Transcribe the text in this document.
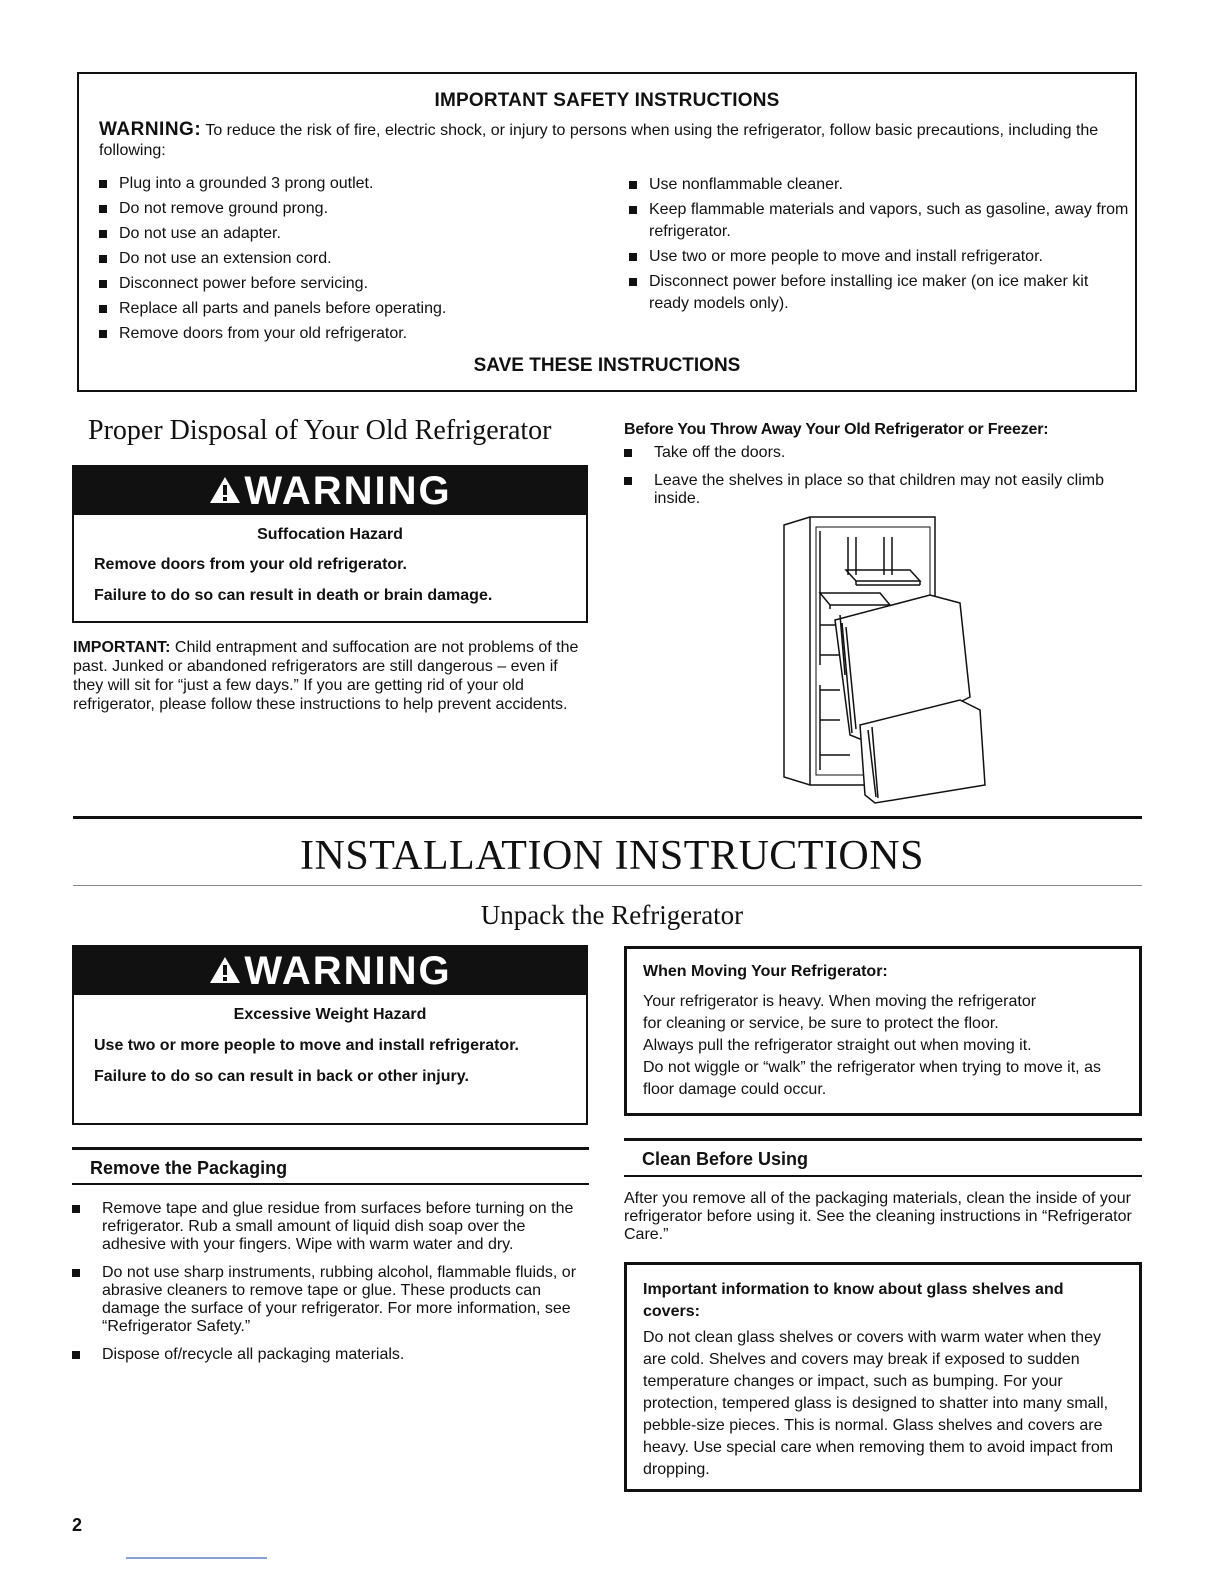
IMPORTANT SAFETY INSTRUCTIONS
WARNING: To reduce the risk of fire, electric shock, or injury to persons when using the refrigerator, follow basic precautions, including the following:
Plug into a grounded 3 prong outlet.
Do not remove ground prong.
Do not use an adapter.
Do not use an extension cord.
Disconnect power before servicing.
Replace all parts and panels before operating.
Remove doors from your old refrigerator.
Use nonflammable cleaner.
Keep flammable materials and vapors, such as gasoline, away from refrigerator.
Use two or more people to move and install refrigerator.
Disconnect power before installing ice maker (on ice maker kit ready models only).
SAVE THESE INSTRUCTIONS
Proper Disposal of Your Old Refrigerator
WARNING

Suffocation Hazard

Remove doors from your old refrigerator.

Failure to do so can result in death or brain damage.

IMPORTANT: Child entrapment and suffocation are not problems of the past. Junked or abandoned refrigerators are still dangerous – even if they will sit for “just a few days.” If you are getting rid of your old refrigerator, please follow these instructions to help prevent accidents.
Before You Throw Away Your Old Refrigerator or Freezer:
Take off the doors.
Leave the shelves in place so that children may not easily climb inside.
INSTALLATION INSTRUCTIONS
Unpack the Refrigerator
WARNING

Excessive Weight Hazard

Use two or more people to move and install refrigerator.

Failure to do so can result in back or other injury.

When Moving Your Refrigerator:

Your refrigerator is heavy. When moving the refrigerator

for cleaning or service, be sure to protect the floor.

Always pull the refrigerator straight out when moving it.

Do not wiggle or “walk” the refrigerator when trying to move it, as floor damage could occur.

Remove the Packaging
Remove tape and glue residue from surfaces before turning on the refrigerator. Rub a small amount of liquid dish soap over the adhesive with your fingers. Wipe with warm water and dry.
Do not use sharp instruments, rubbing alcohol, flammable fluids, or abrasive cleaners to remove tape or glue. These products can damage the surface of your refrigerator. For more information, see “Refrigerator Safety.”
Dispose of/recycle all packaging materials.
Clean Before Using
After you remove all of the packaging materials, clean the inside of your refrigerator before using it. See the cleaning instructions in “Refrigerator Care.”
Important information to know about glass shelves and covers:

Do not clean glass shelves or covers with warm water when they are cold. Shelves and covers may break if exposed to sudden temperature changes or impact, such as bumping. For your protection, tempered glass is designed to shatter into many small, pebble-size pieces. This is normal. Glass shelves and covers are heavy. Use special care when removing them to avoid impact from dropping.

2
